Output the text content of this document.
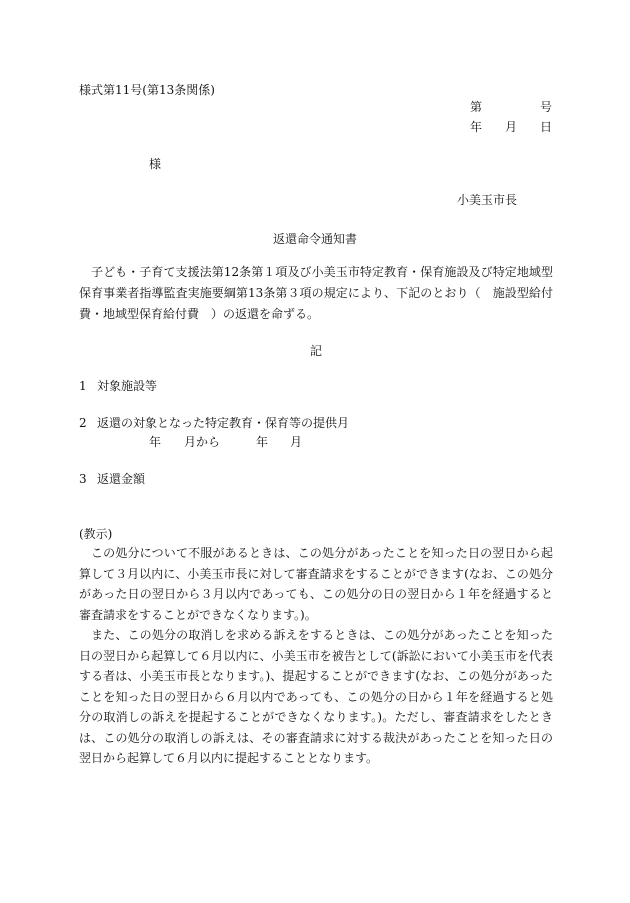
様式第11号(第13条関係)
第	号
年 月 日
様
小美玉市長
返還命令通知書

子ども・子育て支援法第12条第１項及び小美玉市特定教育・保育施設及び特定地域型保育事業者指導監査実施要綱第13条第３項の規定により、下記のとおり（　施設型給付費・地域型保育給付費　）の返還を命ずる。

記
1 対象施設等
2 返還の対象となった特定教育・保育等の提供月
年 月から	年 月
3 返還金額
(教示)

この処分について不服があるときは、この処分があったことを知った日の翌日から起算して３月以内に、小美玉市長に対して審査請求をすることができます(なお、この処分があった日の翌日から３月以内であっても、この処分の日の翌日から１年を経過すると審査請求をすることができなくなります。)。

また、この処分の取消しを求める訴えをするときは、この処分があったことを知った日の翌日から起算して６月以内に、小美玉市を被告として(訴訟において小美玉市を代表する者は、小美玉市長となります。)、提起することができます(なお、この処分があったことを知った日の翌日から６月以内であっても、この処分の日から１年を経過すると処分の取消しの訴えを提起することができなくなります。)。ただし、審査請求をしたときは、この処分の取消しの訴えは、その審査請求に対する裁決があったことを知った日の翌日から起算して６月以内に提起することとなります。
